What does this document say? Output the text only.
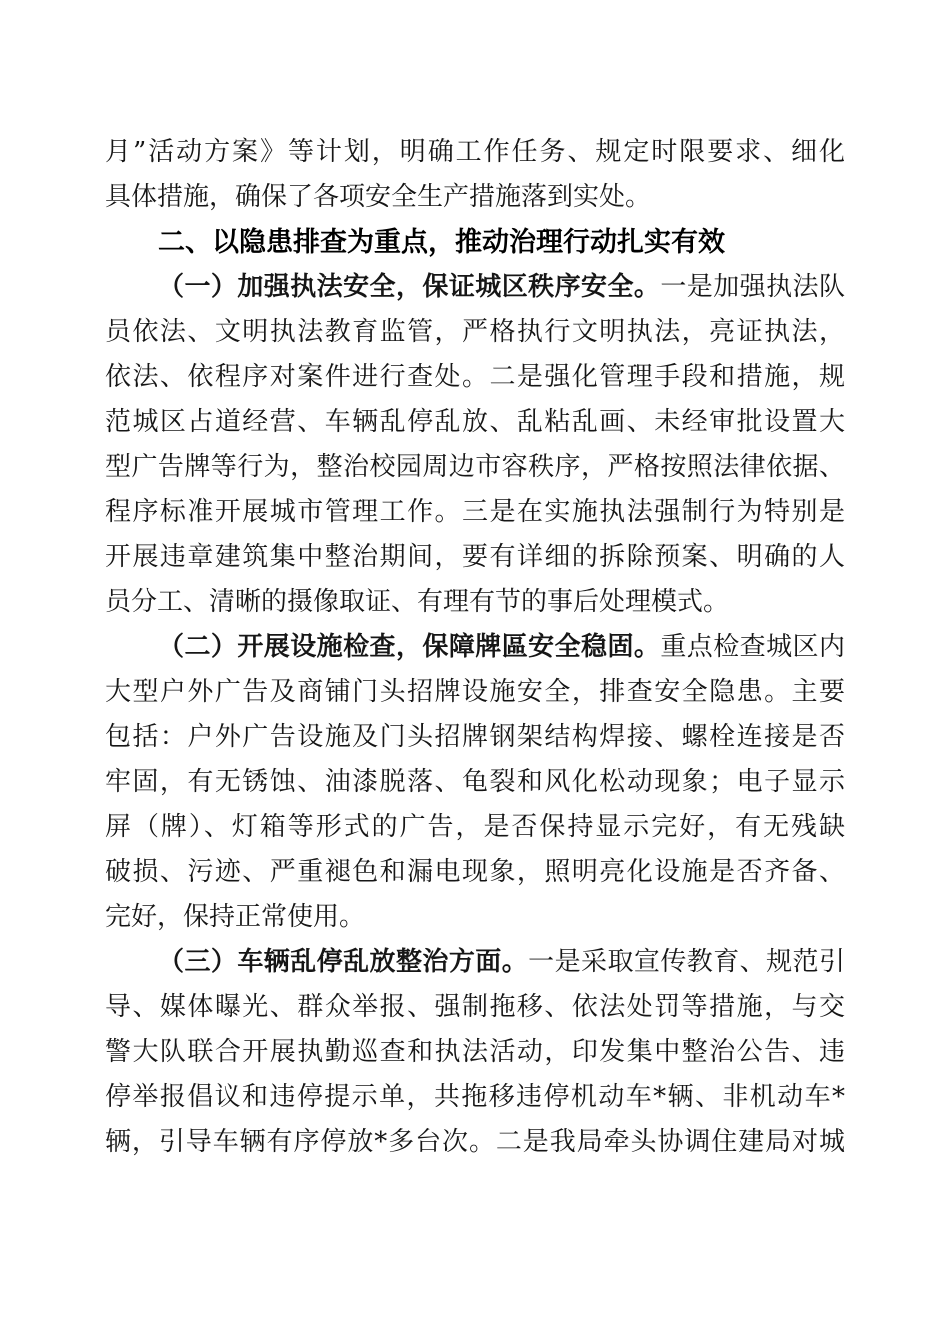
月”活动方案》等计划，明确工作任务、规定时限要求、细化
具体措施，确保了各项安全生产措施落到实处。
二、以隐患排查为重点，推动治理行动扎实有效
（一）加强执法安全，保证城区秩序安全。一是加强执法队
员依法、文明执法教育监管，严格执行文明执法，亮证执法，
依法、依程序对案件进行查处。二是强化管理手段和措施，规
范城区占道经营、车辆乱停乱放、乱粘乱画、未经审批设置大
型广告牌等行为，整治校园周边市容秩序，严格按照法律依据、
程序标准开展城市管理工作。三是在实施执法强制行为特别是
开展违章建筑集中整治期间，要有详细的拆除预案、明确的人
员分工、清晰的摄像取证、有理有节的事后处理模式。
（二）开展设施检查，保障牌區安全稳固。重点检查城区内
大型户外广告及商铺门头招牌设施安全，排查安全隐患。主要
包括：户外广告设施及门头招牌钢架结构焊接、螺栓连接是否
牢固，有无锈蚀、油漆脱落、龟裂和风化松动现象；电子显示
屏（牌）、灯箱等形式的广告，是否保持显示完好，有无残缺
破损、污迹、严重褪色和漏电现象，照明亮化设施是否齐备、
完好，保持正常使用。
（三）车辆乱停乱放整治方面。一是采取宣传教育、规范引
导、媒体曝光、群众举报、强制拖移、依法处罚等措施，与交
警大队联合开展执勤巡查和执法活动，印发集中整治公告、违
停举报倡议和违停提示单，共拖移违停机动车*辆、非机动车*
辆，引导车辆有序停放*多台次。二是我局牵头协调住建局对城
